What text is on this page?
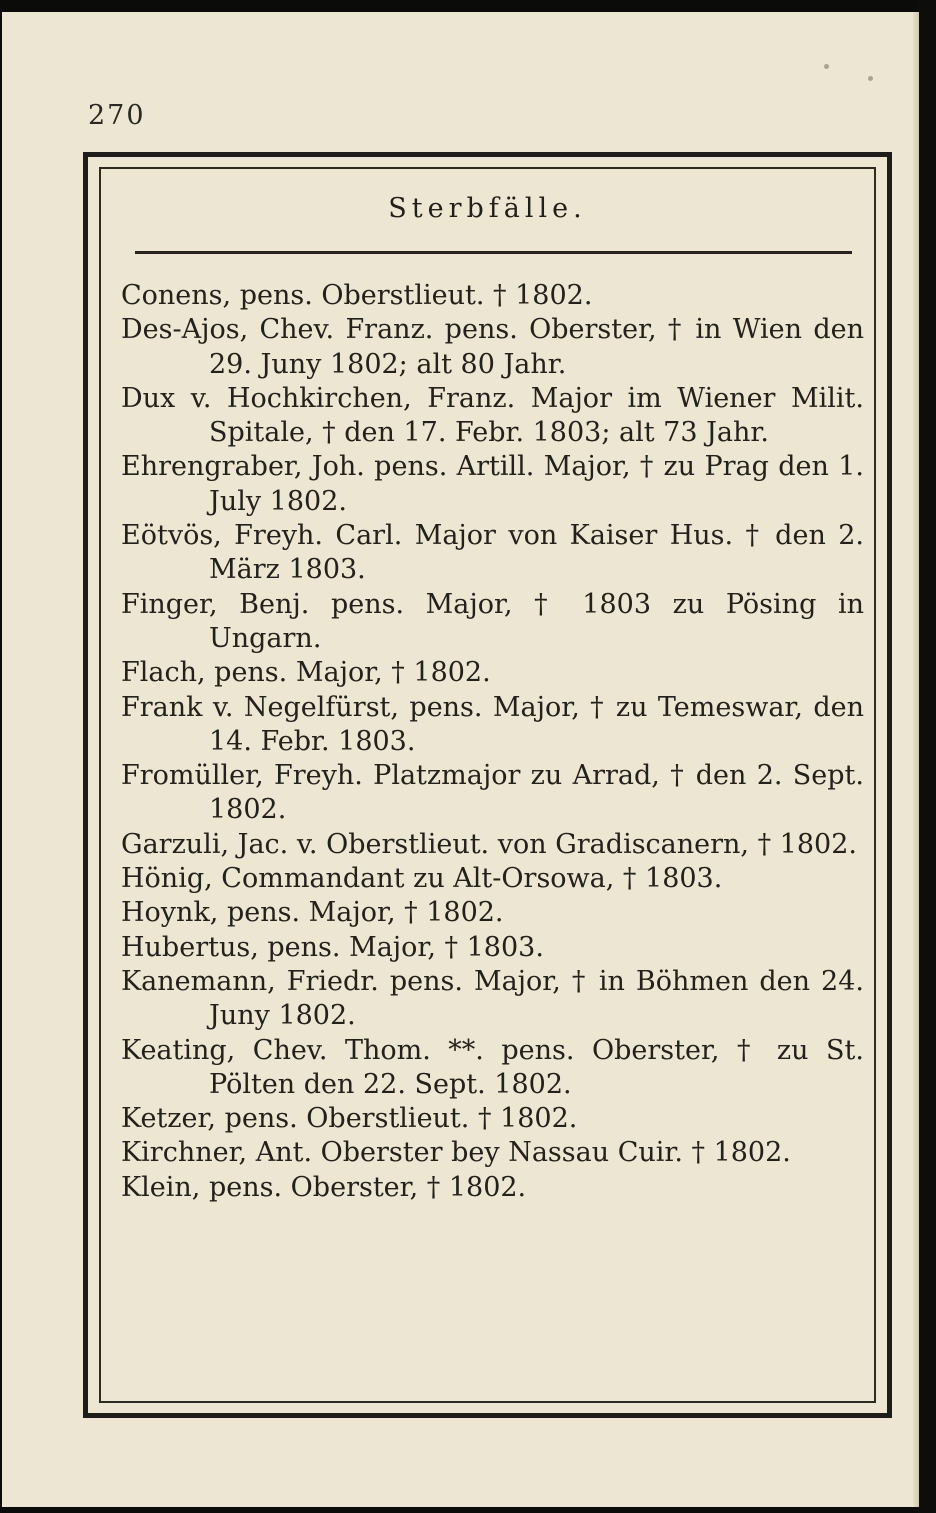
270
Sterbfälle.

Conens, pens. Oberstlieut. † 1802.

Des-Ajos, Chev. Franz. pens. Oberster, † in Wien den 29. Juny 1802; alt 80 Jahr.

Dux v. Hochkirchen, Franz. Major im Wiener Milit. Spitale, † den 17. Febr. 1803; alt 73 Jahr.

Ehrengraber, Joh. pens. Artill. Major, † zu Prag den 1. July 1802.

Eötvös, Freyh. Carl. Major von Kaiser Hus. † den 2. März 1803.

Finger, Benj. pens. Major, † 1803 zu Pösing in Ungarn.

Flach, pens. Major, † 1802.

Frank v. Negelfürst, pens. Major, † zu Temeswar, den 14. Febr. 1803.

Fromüller, Freyh. Platzmajor zu Arrad, † den 2. Sept. 1802.

Garzuli, Jac. v. Oberstlieut. von Gradiscanern, † 1802.

Hönig, Commandant zu Alt-Orsowa, † 1803.

Hoynk, pens. Major, † 1802.

Hubertus, pens. Major, † 1803.

Kanemann, Friedr. pens. Major, † in Böhmen den 24. Juny 1802.

Keating, Chev. Thom. **. pens. Oberster, † zu St. Pölten den 22. Sept. 1802.

Ketzer, pens. Oberstlieut. † 1802.

Kirchner, Ant. Oberster bey Nassau Cuir. † 1802.

Klein, pens. Oberster, † 1802.
